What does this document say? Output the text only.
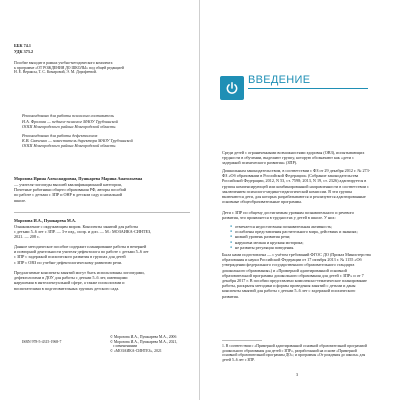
ББК 74.1

УДК 373.2

Пособие выходит в рамках учебно-методического комплекта
к программе «ОТ РОЖДЕНИЯ ДО ШКОЛЫ» под общей редакцией
Н. Е. Вераксы, Т. С. Комаровой, Э. М. Дорофеевой.

Рекомендовано для работы психолога составитель

Н.А. Фролова — педагог-психолог МАОУ Трубчинской
ООШ Новгородского района Новгородской области.

Рекомендовано для работы дефектологов
К.В. Савченко — заместитель директора МАОУ Трубчинской
ООШ Новгородского района Новгородской области.

Морозова Ирина Александровна, Пушкарева Марина Анатольевна

— учителя-логопеды высшей квалификационной категории,
Почетные работники общего образования РФ, авторы пособий
по работе с детьми с ЗПР и ОНР в детском саду и начальной
школе.

Морозова И.А., Пушкарева М.А.

Ознакомление с окружающим миром. Конспекты занятий для работы
с детьми 5–6 лет с ЗПР. — 3-е изд., испр. и доп. — М.: МОЗАИКА-СИНТЕЗ,
2021. — 208 с.

Данное методическое пособие содержит планирование работы в вечерней
и повторной деятельности учителя-дефектолога по работе с детьми 5–6 лет
с ЗПР с задержкой психического развития в группах для детей
с ЗПР с ОВЗ по учебно-дефектологическому развитию речи.

Предлагаемые конспекты занятий могут быть использованы логопедами,
дефектологами в ДОУ для работы с детьми 5–6 лет, имеющими
нарушения в интеллектуальной сфере, а также психологами и
воспитателями в подготовительных группах детского сада.

ISBN 978-5-4315-1968-7

© Морозова И.А., Пушкарева М.А., 2006
© Морозова И.А., Пушкарева М.А., 2021,
с изменениями
© «МОЗАИКА-СИНТЕЗ», 2021

ВВЕДЕНИЕ

Среди детей с ограниченными возможностями здоровья (ОВЗ), испытывающих трудности в обучении, выделяют группу, которую обозначают как «дети с задержкой психического развития» (ЗПР).

Дошкольным законодательством, в соответствии с ФЗ от 29 декабря 2012 г. № 273-ФЗ «Об образовании в Российской Федерации» (Собрание законодательства Российской Федерации, 2012, N 53, ст. 7598; 2013, N 19, ст. 2326) адаптируется в группы компенсирующей или комбинированной направленности в соответствии с заключением психолого-медико-педагогической комиссии. В эти группы включаются дети, для которых разрабатываются и реализуются адаптированные основные общеобразовательные программы.

Дети с ЗПР по общему достигаемым уровням познавательного и речевого развития, что проявляется в трудностях у детей в школе. У них:

● отмечается недостаточная познавательная активность;
● ослаблены представления растительного мира, действиях и знаниях;
● низкий уровень развития речи;
● нарушена мелкая и крупная моторика;
● не развиты регуляция поведения.

Была нами подготовлена — с учётом требований ФГОС ДО (Приказ Министерства образования и науки Российской Федерации от 17 октября 2013 г. № 1155 «Об утверждении федерального государственного образовательного стандарта дошкольного образования») и «Примерной адаптированной основной образовательной программы дошкольного образования для детей с ЗПР» и от 7 декабря 2017 г. В пособии представлено комплексно-тематическое планирование работы, раскрыты методики и формы проведения занятий с детьми и даны конспекты занятий для работы с детьми 5–6 лет с задержкой психического развития.

1. В соответствии с «Примерной адаптированной основной образовательной программой дошкольного образования для детей с ЗПР», разработанной на основе «Примерной основной образовательной программы ДО»; и программы «От рождения до школы» для детей 5–6 лет с ЗПР.

3
